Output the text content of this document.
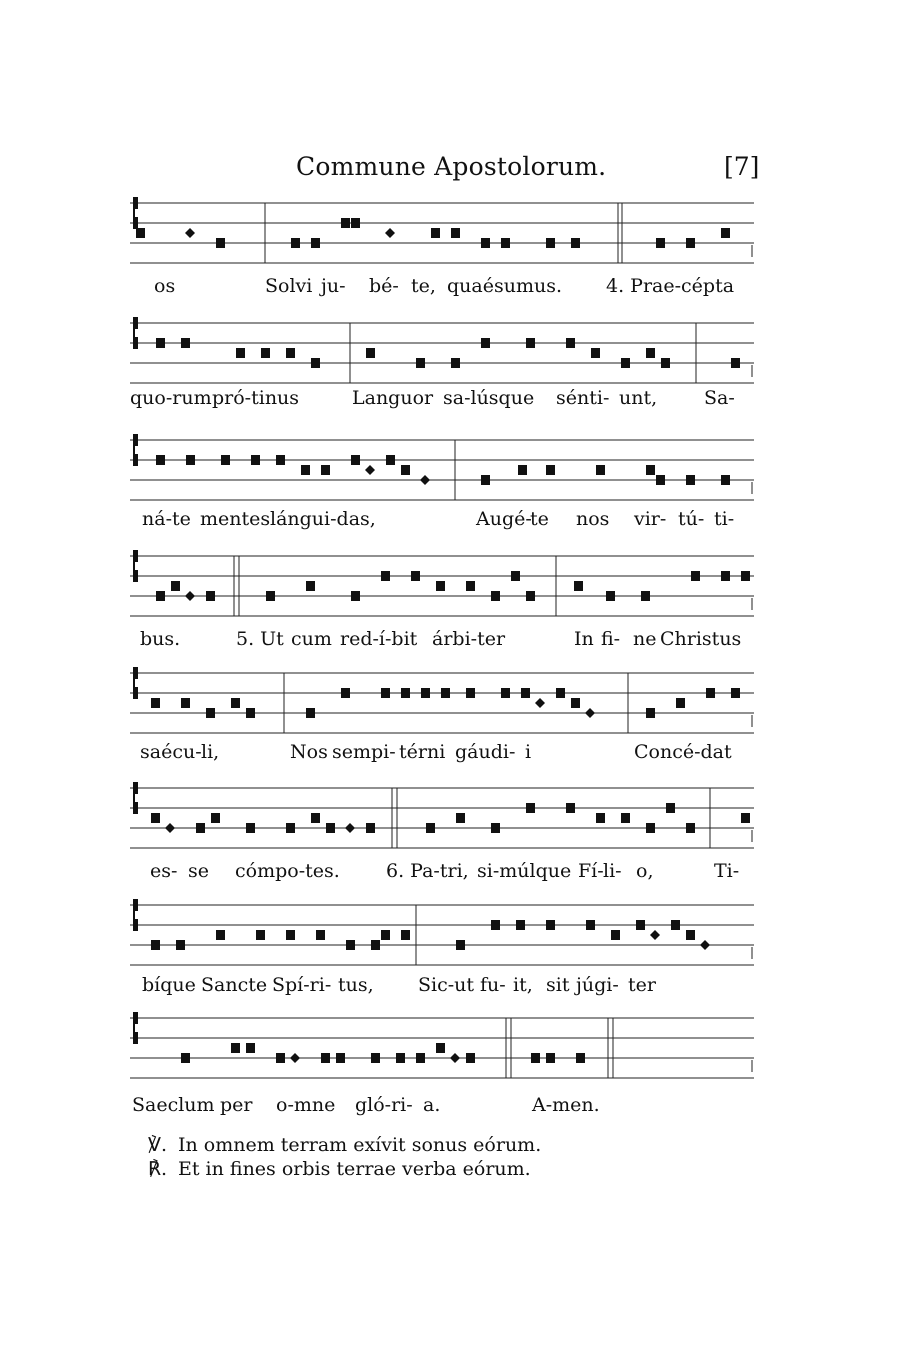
Commune Apostolorum.	[7]
os	Solvi ju- bé- te, quaésumus. 4. Prae-cépta
quo-rum pró-tinus	Languor sa-lúsque sénti- unt, Sa-
ná-te mentes lángui-das,	Augé-
te nos vir- tú- ti-
bus.	5. Ut cum red-í-bit árbi-ter	In fi- ne Christus
saécu- li,	Nos sempi- térni gáudi- i	Concé-dat
es- se cómpo-tes. 6. Pa-tri, si-múlque Fí- li- o,	Ti-
bíque Sancte Spí-ri- tus, Sic-ut fu- it, sit júgi- ter
Saeclum per o-mne gló-ri- a.	A-men.
℣. In omnem terram exívit sonus eórum.
℟. Et in fines orbis terrae verba eórum.
